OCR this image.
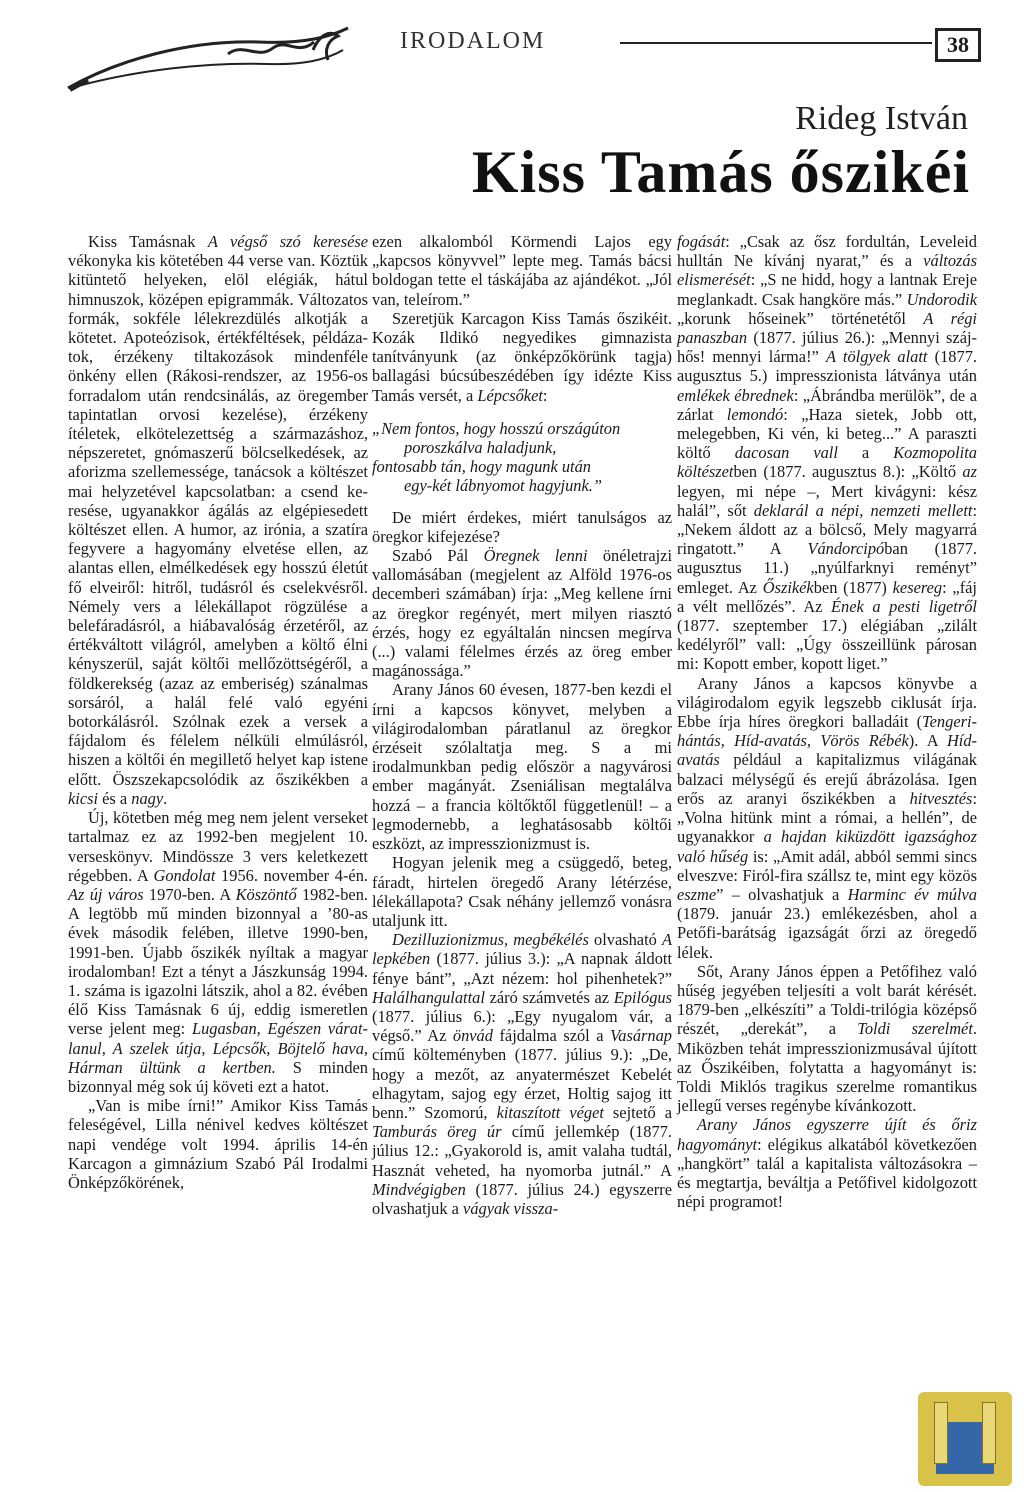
IRODALOM	38
Rideg István
Kiss Tamás őszikéi

Kiss Tamásnak A végső szó keresése vékonyka kis kötetében 44 verse van. Köztük kitüntető helyeken, elöl elégiák, hátul himnuszok, középen epigrammák. Változatos formák, sokféle lélekrezdülés alkotják a kötetet. Apoteózisok, értékféltések, példázatok, érzékeny tiltakozások mindenféle önkény ellen (Rákosi-rendszer, az 1956-os forradalom után rendcsinálás, az öregember tapintatlan orvosi kezelése), érzékeny ítéletek, elkötelezettség a származáshoz, népszeretet, gnómaszerű bölcselkedések, az aforizma szellemessége, tanácsok a költészet mai helyzetével kapcsolatban: a csend keresése, ugyanakkor ágálás az elgépiesedett költészet ellen. A humor, az irónia, a szatíra fegyvere a hagyomány elvetése ellen, az alantas ellen, elmélkedések egy hosszú életút fő elveiről: hitről, tudásról és cselekvésről. Némely vers a lélekállapot rögzülése a belefáradásról, a hiábavalóság érzetéről, az értékváltott világról, amelyben a költő élni kényszerül, saját költői mellőzöttségéről, a földkerekség (azaz az emberiség) szánalmas sorsáról, a halál felé való egyéni botorkálásról. Szólnak ezek a versek a fájdalom és félelem nélküli elmúlásról, hiszen a költői én megillető helyet kap istene előtt. Öszszekapcsolódik az őszikékben a kicsi és a nagy.

Új, kötetben még meg nem jelent verseket tartalmaz ez az 1992-ben megjelent 10. verseskönyv. Mindössze 3 vers keletkezett régebben. A Gondolat 1956. november 4-én. Az új város 1970-ben. A Köszöntő 1982-ben. A legtöbb mű minden bizonnyal a ’80-as évek második felében, illetve 1990-ben, 1991-ben. Újabb őszikék nyíltak a magyar irodalomban! Ezt a tényt a Jászkunság 1994. 1. száma is igazolni látszik, ahol a 82. évében élő Kiss Tamásnak 6 új, eddig ismeretlen verse jelent meg: Lugasban, Egészen váratlanul, A szelek útja, Lépcsők, Böjtelő hava, Hárman ültünk a kertben. S minden bizonnyal még sok új követi ezt a hatot.

„Van is mibe írni!” Amikor Kiss Tamás feleségével, Lilla nénivel kedves költészet napi vendége volt 1994. április 14-én Karcagon a gimnázium Szabó Pál Irodalmi Önképzőkörének,

ezen alkalomból Körmendi Lajos egy „kapcsos könyvvel” lepte meg. Tamás bácsi boldogan tette el táskájába az ajándékot. „Jól van, teleírom.”

Szeretjük Karcagon Kiss Tamás őszikéit. Kozák Ildikó negyedikes gimnazista tanítványunk (az önképzőkörünk tagja) ballagási búcsúbeszédében így idézte Kiss Tamás versét, a Lépcsőket:

„Nem fontos, hogy hosszú országúton
poroszkálva haladjunk,
fontosabb tán, hogy magunk után
egy-két lábnyomot hagyjunk.”

De miért érdekes, miért tanulságos az öregkor kifejezése?

Szabó Pál Öregnek lenni önéletrajzi vallomásában (megjelent az Alföld 1976-os decemberi számában) írja: „Meg kellene írni az öregkor regényét, mert milyen riasztó érzés, hogy ez egyáltalán nincsen megírva (...) valami félelmes érzés az öreg ember magánossága.”

Arany János 60 évesen, 1877-ben kezdi el írni a kapcsos könyvet, melyben a világirodalomban páratlanul az öregkor érzéseit szólaltatja meg. S a mi irodalmunkban pedig először a nagyvárosi ember magányát. Zseniálisan megtalálva hozzá – a francia költőktől függetlenül! – a legmodernebb, a leghatásosabb költői eszközt, az impresszionizmust is.

Hogyan jelenik meg a csüggedő, beteg, fáradt, hirtelen öregedő Arany létérzése, lélekállapota? Csak néhány jellemző vonásra utaljunk itt.

Dezilluzionizmus, megbékélés olvasható A lepkében (1877. július 3.): „A napnak áldott fénye bánt”, „Azt nézem: hol pihenhetek?” Halálhangulattal záró számvetés az Epilógus (1877. július 6.): „Egy nyugalom vár, a végső.” Az önvád fájdalma szól a Vasárnap című költeményben (1877. július 9.): „De, hogy a mezőt, az anyatermészet Kebelét elhagytam, sajog egy érzet, Holtig sajog itt benn.” Szomorú, kitaszított véget sejtető a Tamburás öreg úr című jellemkép (1877. július 12.: „Gyakorold is, amit valaha tudtál, Hasznát veheted, ha nyomorba jutnál.” A Mindvégigben (1877. július 24.) egyszerre olvashatjuk a vágyak vissza-

fogását: „Csak az ősz fordultán, Leveleid hulltán Ne kívánj nyarat,” és a változás elismerését: „S ne hidd, hogy a lantnak Ereje meglankadt. Csak hangköre más.” Undorodik „korunk hőseinek” történetétől A régi panaszban (1877. július 26.): „Mennyi szájhős! mennyi lárma!” A tölgyek alatt (1877. augusztus 5.) impresszionista látványa után emlékek ébrednek: „Ábrándba merülök”, de a zárlat lemondó: „Haza sietek, Jobb ott, melegebben, Ki vén, ki beteg...” A paraszti költő dacosan vall a Kozmopolita költészetben (1877. augusztus 8.): „Költő az legyen, mi népe –, Mert kivágyni: kész halál”, sőt deklarál a népi, nemzeti mellett: „Nekem áldott az a bölcső, Mely magyarrá ringatott.” A Vándorcipóban (1877. augusztus 11.) „nyúlfarknyi reményt” emleget. Az Őszikékben (1877) kesereg: „fáj a vélt mellőzés”. Az Ének a pesti ligetről (1877. szeptember 17.) elégiában „zilált kedélyről” vall: „Úgy összeillünk párosan mi: Kopott ember, kopott liget.”

Arany János a kapcsos könyvbe a világirodalom egyik legszebb ciklusát írja. Ebbe írja híres öregkori balladáit (Tengeri-hántás, Híd-avatás, Vörös Rébék). A Híd-avatás például a kapitalizmus világának balzaci mélységű és erejű ábrázolása. Igen erős az aranyi őszikékben a hitvesztés: „Volna hitünk mint a római, a hellén”, de ugyanakkor a hajdan kiküzdött igazsághoz való hűség is: „Amit adál, abból semmi sincs elveszve: Firól-fira szállsz te, mint egy közös eszme” – olvashatjuk a Harminc év múlva (1879. január 23.) emlékezésben, ahol a Petőfi-barátság igazságát őrzi az öregedő lélek.

Sőt, Arany János éppen a Petőfihez való hűség jegyében teljesíti a volt barát kérését. 1879-ben „elkészíti” a Toldi-trilógia középső részét, „derekát”, a Toldi szerelmét. Miközben tehát impresszionizmusával újított az Őszikéiben, folytatta a hagyományt is: Toldi Miklós tragikus szerelme romantikus jellegű verses regénybe kívánkozott.

Arany János egyszerre újít és őriz hagyományt: elégikus alkatából következően „hangkört” talál a kapitalista változásokra – és megtartja, beváltja a Petőfivel kidolgozott népi programot!
